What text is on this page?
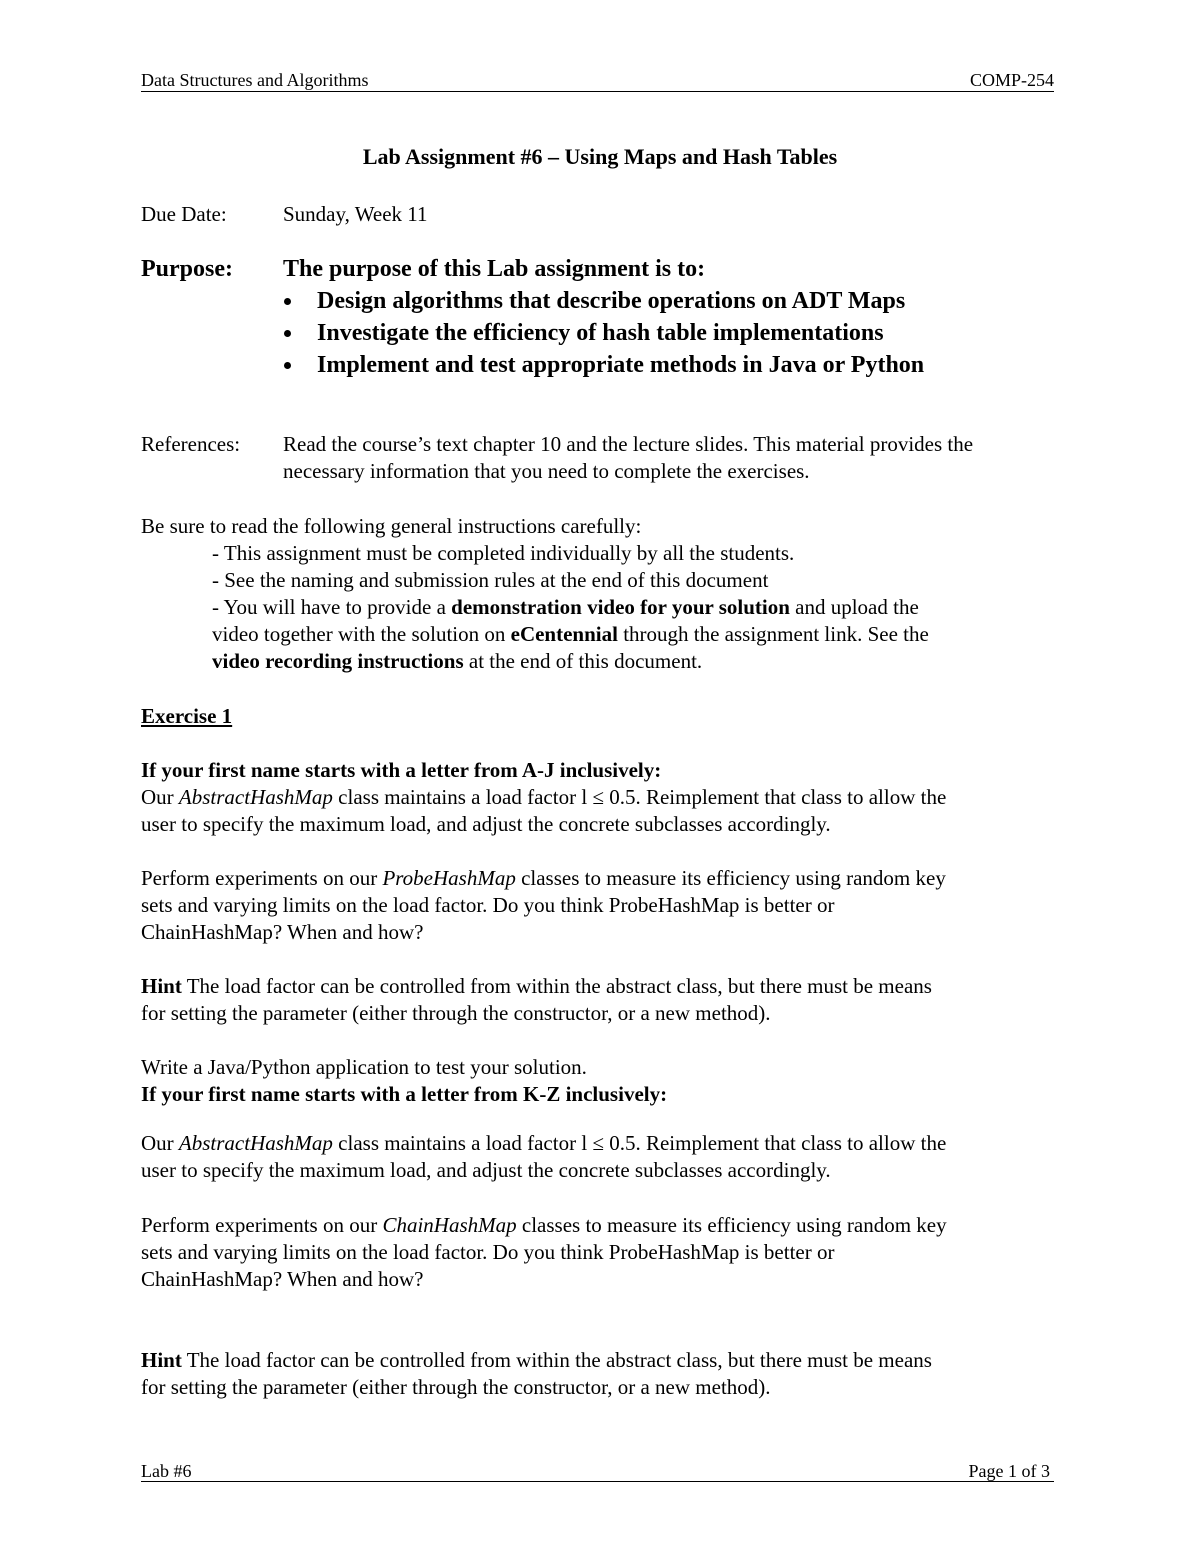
Data Structures and Algorithms	COMP-254
Lab Assignment #6 – Using Maps and Hash Tables
Due Date:	Sunday, Week 11
Purpose: The purpose of this Lab assignment is to:
Design algorithms that describe operations on ADT Maps
Investigate the efficiency of hash table implementations
Implement and test appropriate methods in Java or Python
References: Read the course’s text chapter 10 and the lecture slides. This material provides the
necessary information that you need to complete the exercises.
Be sure to read the following general instructions carefully:
- This assignment must be completed individually by all the students.
- See the naming and submission rules at the end of this document
- You will have to provide a demonstration video for your solution and upload the
video together with the solution on eCentennial through the assignment link. See the
video recording instructions at the end of this document.
Exercise 1
If your first name starts with a letter from A-J inclusively:
Our AbstractHashMap class maintains a load factor l ≤ 0.5. Reimplement that class to allow the
user to specify the maximum load, and adjust the concrete subclasses accordingly.
Perform experiments on our ProbeHashMap classes to measure its efficiency using random key
sets and varying limits on the load factor. Do you think ProbeHashMap is better or
ChainHashMap? When and how?
Hint The load factor can be controlled from within the abstract class, but there must be means
for setting the parameter (either through the constructor, or a new method).
Write a Java/Python application to test your solution.
If your first name starts with a letter from K-Z inclusively:
Our AbstractHashMap class maintains a load factor l ≤ 0.5. Reimplement that class to allow the
user to specify the maximum load, and adjust the concrete subclasses accordingly.
Perform experiments on our ChainHashMap classes to measure its efficiency using random key
sets and varying limits on the load factor. Do you think ProbeHashMap is better or
ChainHashMap? When and how?
Hint The load factor can be controlled from within the abstract class, but there must be means
for setting the parameter (either through the constructor, or a new method).
Lab #6	Page 1 of 3
